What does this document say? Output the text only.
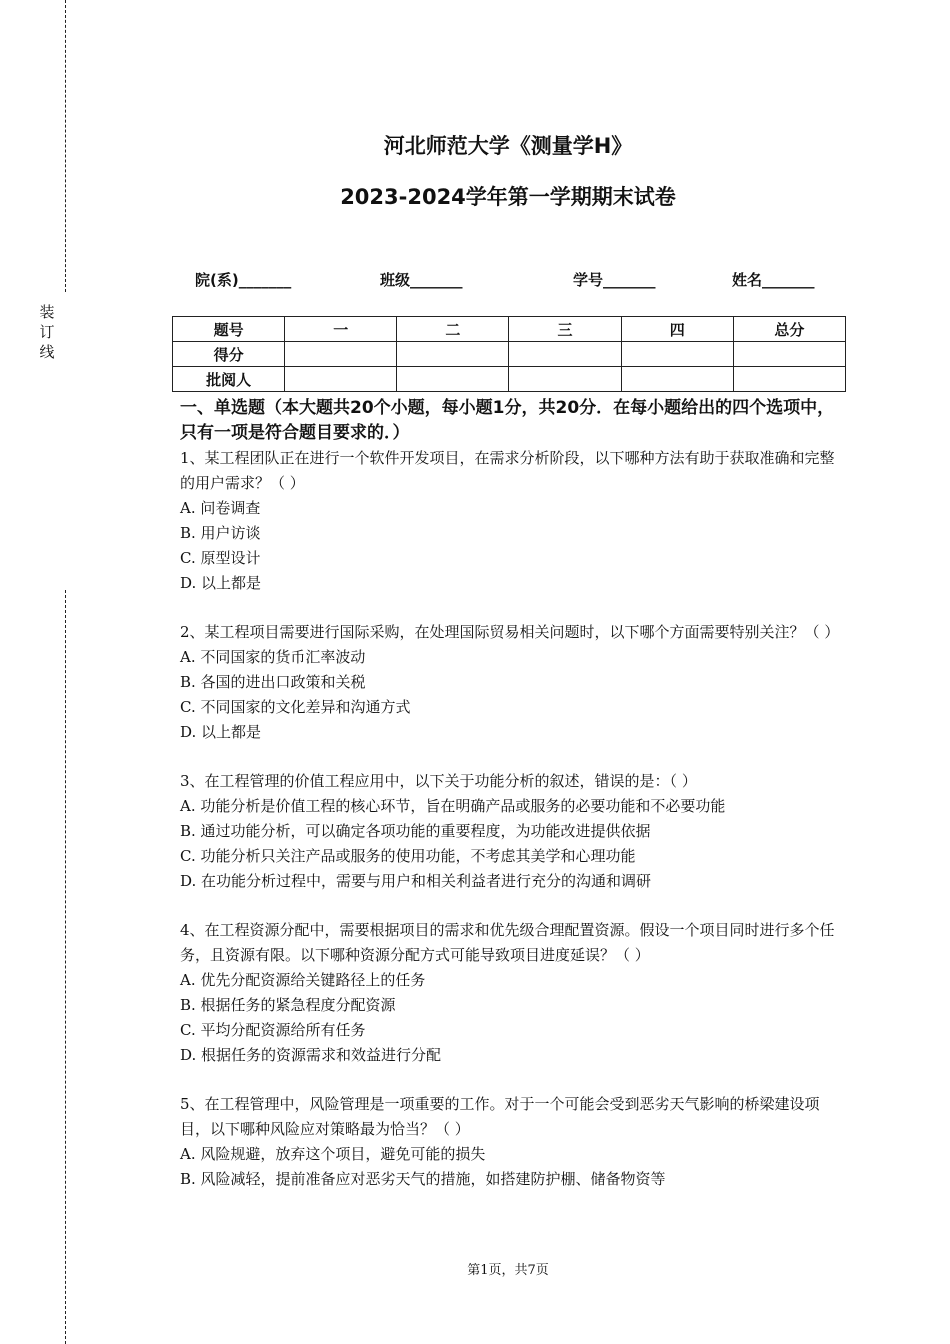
装
订
线
河北师范大学《测量学H》
2023-2024学年第一学期期末试卷
院(系)_______	班级_______	学号_______	姓名_______
题号	一	二	三	四	总分
得分					
批阅人					

一、单选题（本大题共20个小题，每小题1分，共20分．在每小题给出的四个选项中，只有一项是符合题目要求的．）

1、某工程团队正在进行一个软件开发项目，在需求分析阶段，以下哪种方法有助于获取准确和完整的用户需求？（ ）

A. 问卷调查

B. 用户访谈

C. 原型设计

D. 以上都是

2、某工程项目需要进行国际采购，在处理国际贸易相关问题时，以下哪个方面需要特别关注？（ ）

A. 不同国家的货币汇率波动

B. 各国的进出口政策和关税

C. 不同国家的文化差异和沟通方式

D. 以上都是

3、在工程管理的价值工程应用中，以下关于功能分析的叙述，错误的是：（ ）

A. 功能分析是价值工程的核心环节，旨在明确产品或服务的必要功能和不必要功能

B. 通过功能分析，可以确定各项功能的重要程度，为功能改进提供依据

C. 功能分析只关注产品或服务的使用功能，不考虑其美学和心理功能

D. 在功能分析过程中，需要与用户和相关利益者进行充分的沟通和调研

4、在工程资源分配中，需要根据项目的需求和优先级合理配置资源。假设一个项目同时进行多个任务，且资源有限。以下哪种资源分配方式可能导致项目进度延误？（ ）

A. 优先分配资源给关键路径上的任务

B. 根据任务的紧急程度分配资源

C. 平均分配资源给所有任务

D. 根据任务的资源需求和效益进行分配

5、在工程管理中，风险管理是一项重要的工作。对于一个可能会受到恶劣天气影响的桥梁建设项目，以下哪种风险应对策略最为恰当？（ ）

A. 风险规避，放弃这个项目，避免可能的损失

B. 风险减轻，提前准备应对恶劣天气的措施，如搭建防护棚、储备物资等

第1页，共7页
